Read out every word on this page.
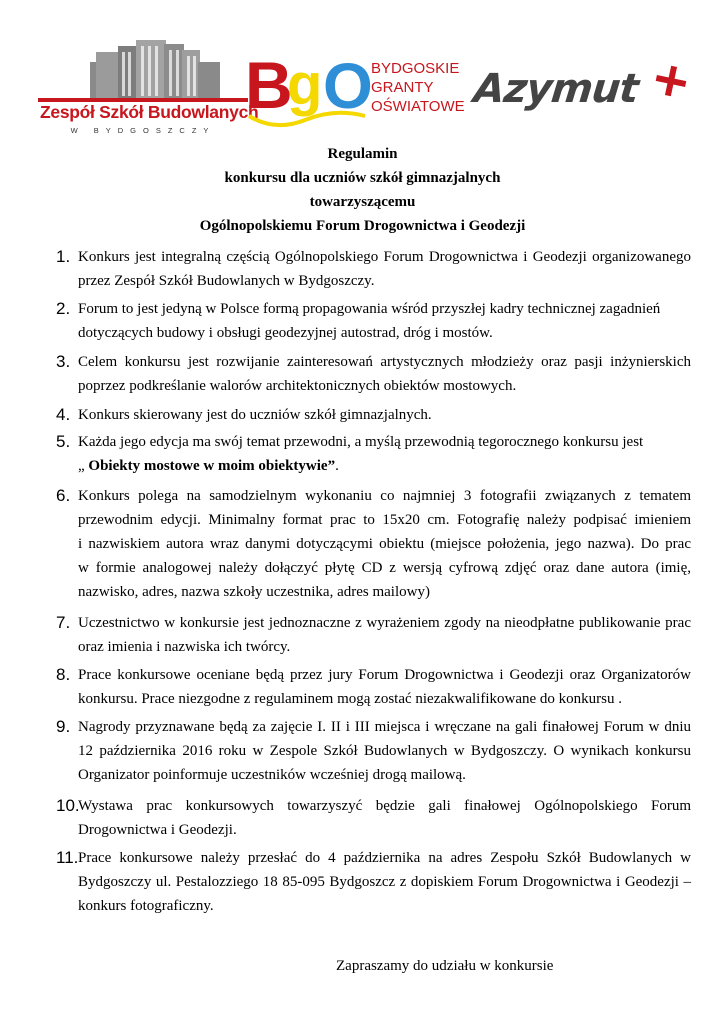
Zespół Szkół Budowlanych
W BYDGOSZCZY
B
g O
BYDGOSKIE
GRANTY
OŚWIATOWE Azymut
Regulamin
konkursu dla uczniów szkół gimnazjalnych
towarzyszącemu
Ogólnopolskiemu Forum Drogownictwa i Geodezji
1. Konkurs jest integralną częścią Ogólnopolskiego Forum Drogownictwa i Geodezji organizowanego
przez Zespół Szkół Budowlanych w Bydgoszczy.
2. Forum to jest jedyną w Polsce formą propagowania wśród przyszłej kadry technicznej zagadnień
dotyczących budowy i obsługi geodezyjnej autostrad, dróg i mostów.
3. Celem konkursu jest rozwijanie zainteresowań artystycznych młodzieży oraz pasji inżynierskich
poprzez podkreślanie walorów architektonicznych obiektów mostowych.
4. Konkurs skierowany jest do uczniów szkół gimnazjalnych.
5. Każda jego edycja ma swój temat przewodni, a myślą przewodnią tegorocznego konkursu jest
„ Obiekty mostowe w moim obiektywie”.
6. Konkurs polega na samodzielnym wykonaniu co najmniej 3 fotografii związanych z tematem
przewodnim edycji. Minimalny format prac to 15x20 cm. Fotografię należy podpisać imieniem
i nazwiskiem autora wraz danymi dotyczącymi obiektu (miejsce położenia, jego nazwa). Do prac
w formie analogowej należy dołączyć płytę CD z wersją cyfrową zdjęć oraz dane autora (imię,
nazwisko, adres, nazwa szkoły uczestnika, adres mailowy)
7. Uczestnictwo w konkursie jest jednoznaczne z wyrażeniem zgody na nieodpłatne publikowanie prac
oraz imienia i nazwiska ich twórcy.
8. Prace konkursowe oceniane będą przez jury Forum Drogownictwa i Geodezji oraz Organizatorów
konkursu. Prace niezgodne z regulaminem mogą zostać niezakwalifikowane do konkursu .
9. Nagrody przyznawane będą za zajęcie I. II i III miejsca i wręczane na gali finałowej Forum w dniu
12 października 2016 roku w Zespole Szkół Budowlanych w Bydgoszczy. O wynikach konkursu
Organizator poinformuje uczestników wcześniej drogą mailową.
10.
Wystawa prac konkursowych towarzyszyć będzie gali finałowej Ogólnopolskiego Forum
Drogownictwa i Geodezji.
11. Prace konkursowe należy przesłać do 4 października na adres Zespołu Szkół Budowlanych w
Bydgoszczy ul. Pestalozziego 18 85-095 Bydgoszcz z dopiskiem Forum Drogownictwa i Geodezji –
konkurs fotograficzny.
Zapraszamy do udziału w konkursie
